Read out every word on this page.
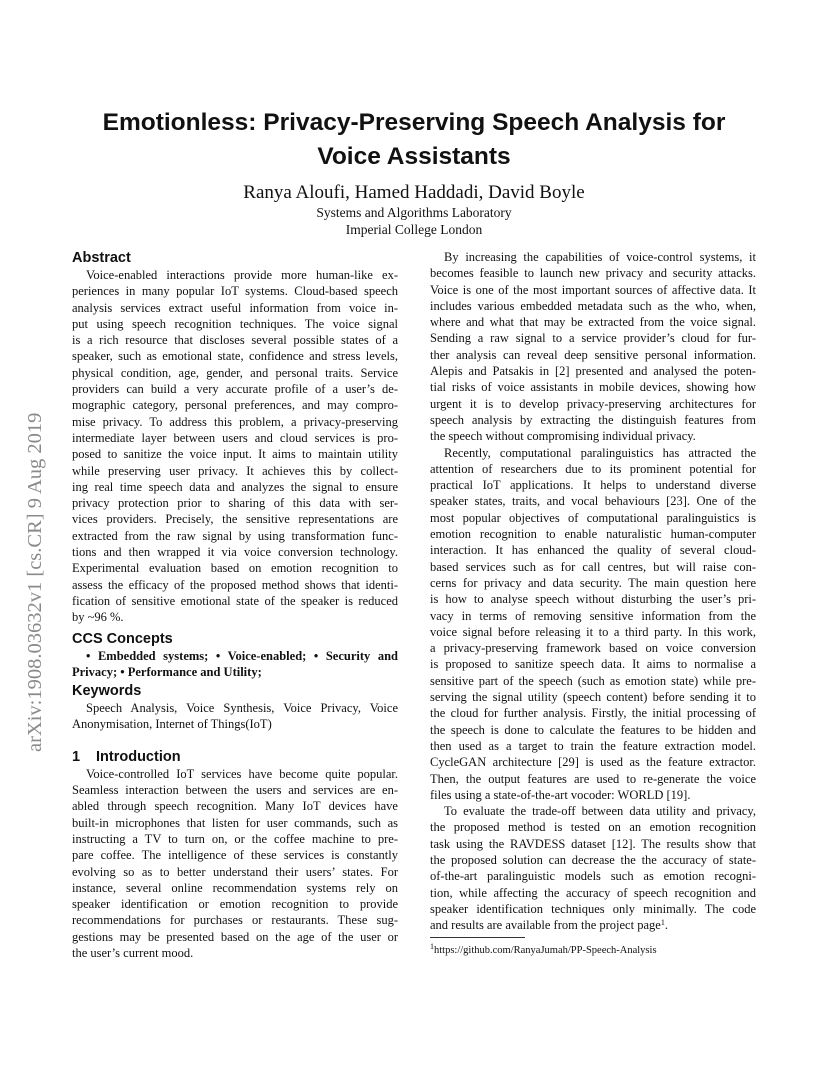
Emotionless: Privacy-Preserving Speech Analysis for
Voice Assistants
Ranya Aloufi, Hamed Haddadi, David Boyle
Systems and Algorithms Laboratory
Imperial College London
arXiv:1908.03632v1 [cs.CR] 9 Aug 2019
Abstract
Voice-enabled interactions provide more human-like ex-
periences in many popular IoT systems. Cloud-based speech
analysis services extract useful information from voice in-
put using speech recognition techniques. The voice signal
is a rich resource that discloses several possible states of a
speaker, such as emotional state, confidence and stress levels,
physical condition, age, gender, and personal traits. Service
providers can build a very accurate profile of a user’s de-
mographic category, personal preferences, and may compro-
mise privacy. To address this problem, a privacy-preserving
intermediate layer between users and cloud services is pro-
posed to sanitize the voice input. It aims to maintain utility
while preserving user privacy. It achieves this by collect-
ing real time speech data and analyzes the signal to ensure
privacy protection prior to sharing of this data with ser-
vices providers. Precisely, the sensitive representations are
extracted from the raw signal by using transformation func-
tions and then wrapped it via voice conversion technology.
Experimental evaluation based on emotion recognition to
assess the efficacy of the proposed method shows that identi-
fication of sensitive emotional state of the speaker is reduced
by ~96 %.
CCS Concepts
• Embedded systems; • Voice-enabled; • Security and
Privacy; • Performance and Utility;
Keywords
Speech Analysis, Voice Synthesis, Voice Privacy, Voice
Anonymisation, Internet of Things(IoT)
1 Introduction
Voice-controlled IoT services have become quite popular.
Seamless interaction between the users and services are en-
abled through speech recognition. Many IoT devices have
built-in microphones that listen for user commands, such as
instructing a TV to turn on, or the coffee machine to pre-
pare coffee. The intelligence of these services is constantly
evolving so as to better understand their users’ states. For
instance, several online recommendation systems rely on
speaker identification or emotion recognition to provide
recommendations for purchases or restaurants. These sug-
gestions may be presented based on the age of the user or
the user’s current mood.
By increasing the capabilities of voice-control systems, it
becomes feasible to launch new privacy and security attacks.
Voice is one of the most important sources of affective data. It
includes various embedded metadata such as the who, when,
where and what that may be extracted from the voice signal.
Sending a raw signal to a service provider’s cloud for fur-
ther analysis can reveal deep sensitive personal information.
Alepis and Patsakis in [2] presented and analysed the poten-
tial risks of voice assistants in mobile devices, showing how
urgent it is to develop privacy-preserving architectures for
speech analysis by extracting the distinguish features from
the speech without compromising individual privacy.
Recently, computational paralinguistics has attracted the
attention of researchers due to its prominent potential for
practical IoT applications. It helps to understand diverse
speaker states, traits, and vocal behaviours [23]. One of the
most popular objectives of computational paralinguistics is
emotion recognition to enable naturalistic human-computer
interaction. It has enhanced the quality of several cloud-
based services such as for call centres, but will raise con-
cerns for privacy and data security. The main question here
is how to analyse speech without disturbing the user’s pri-
vacy in terms of removing sensitive information from the
voice signal before releasing it to a third party. In this work,
a privacy-preserving framework based on voice conversion
is proposed to sanitize speech data. It aims to normalise a
sensitive part of the speech (such as emotion state) while pre-
serving the signal utility (speech content) before sending it to
the cloud for further analysis. Firstly, the initial processing of
the speech is done to calculate the features to be hidden and
then used as a target to train the feature extraction model.
CycleGAN architecture [29] is used as the feature extractor.
Then, the output features are used to re-generate the voice
files using a state-of-the-art vocoder: WORLD [19].
To evaluate the trade-off between data utility and privacy,
the proposed method is tested on an emotion recognition
task using the RAVDESS dataset [12]. The results show that
the proposed solution can decrease the the accuracy of state-
of-the-art paralinguistic models such as emotion recogni-
tion, while affecting the accuracy of speech recognition and
speaker identification techniques only minimally. The code
and results are available from the project page$^1$.
$^1$https://github.com/RanyaJumah/PP-Speech-Analysis
